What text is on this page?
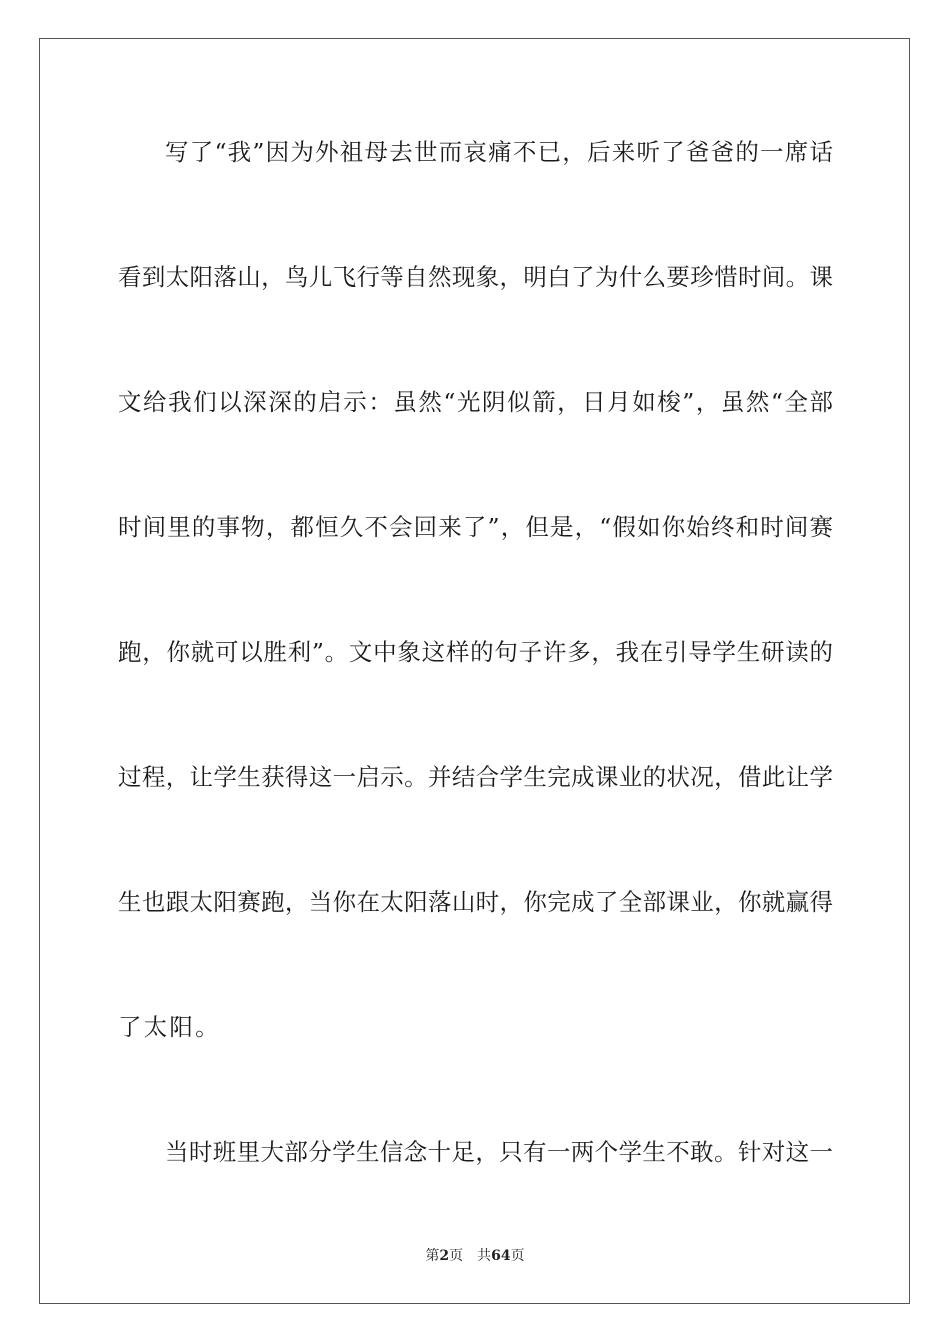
写了“我”因为外祖母去世而哀痛不已，后来听了爸爸的一席话
看到太阳落山，鸟儿飞行等自然现象，明白了为什么要珍惜时间。课
文给我们以深深的启示：虽然“光阴似箭，日月如梭”，虽然“全部
时间里的事物，都恒久不会回来了”，但是，“假如你始终和时间赛
跑，你就可以胜利”。文中象这样的句子许多，我在引导学生研读的
过程，让学生获得这一启示。并结合学生完成课业的状况，借此让学
生也跟太阳赛跑，当你在太阳落山时，你完成了全部课业，你就赢得
了太阳。
当时班里大部分学生信念十足，只有一两个学生不敢。针对这一
第2页 共64页
